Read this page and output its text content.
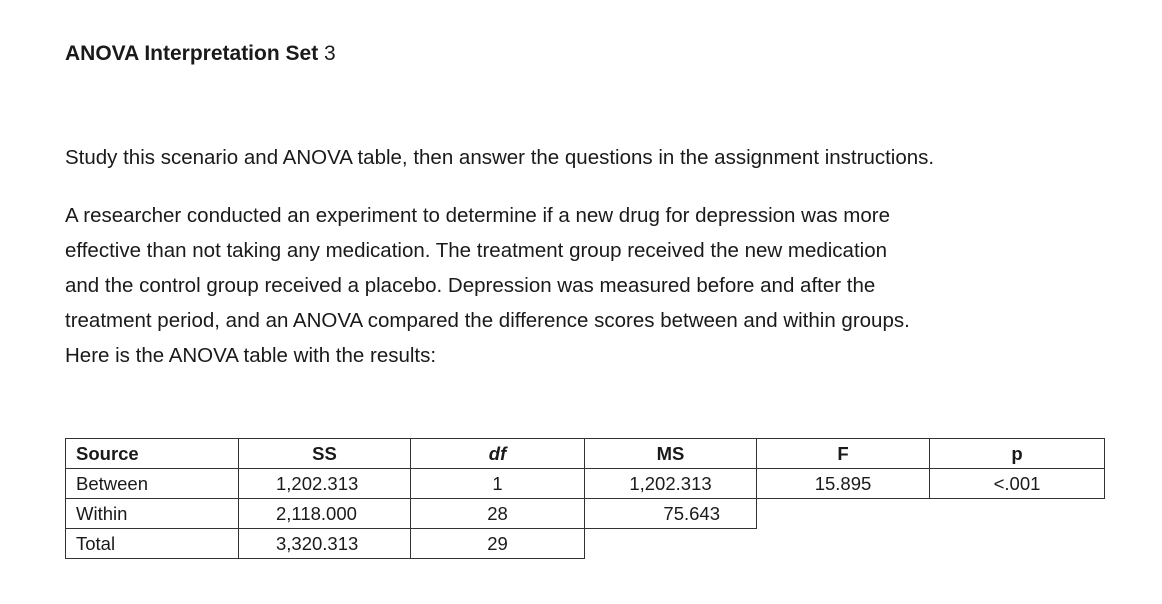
ANOVA Interpretation Set 3
Study this scenario and ANOVA table, then answer the questions in the assignment instructions.

A researcher conducted an experiment to determine if a new drug for depression was more
effective than not taking any medication. The treatment group received the new medication
and the control group received a placebo. Depression was measured before and after the
treatment period, and an ANOVA compared the difference scores between and within groups.
Here is the ANOVA table with the results:

Source	SS	df	MS	F	p
Between	1,202.313	1	1,202.313	15.895	<.001
Within	2,118.000	28	75.643		
Total	3,320.313	29			
